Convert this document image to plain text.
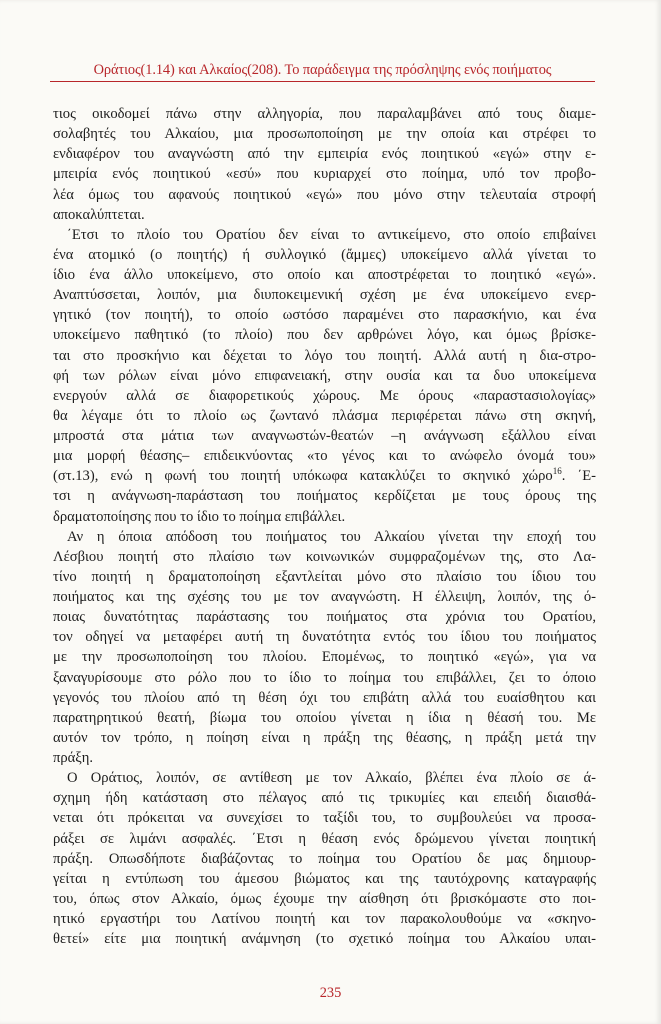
Οράτιος(1.14) και Αλκαίος(208). Το παράδειγμα της πρόσληψης ενός ποιήματος
τιος οικοδομεί πάνω στην αλληγορία, που παραλαμβάνει από τους διαμε-
σολαβητές του Αλκαίου, μια προσωποποίηση με την οποία και στρέφει το
ενδιαφέρον του αναγνώστη από την εμπειρία ενός ποιητικού «εγώ» στην ε-
μπειρία ενός ποιητικού «εσύ» που κυριαρχεί στο ποίημα, υπό τον προβο-
λέα όμως του αφανούς ποιητικού «εγώ» που μόνο στην τελευταία στροφή
αποκαλύπτεται.
΄Ετσι το πλοίο του Ορατίου δεν είναι το αντικείμενο, στο οποίο επιβαίνει
ένα ατομικό (ο ποιητής) ή συλλογικό (ἄμμες) υποκείμενο αλλά γίνεται το
ίδιο ένα άλλο υποκείμενο, στο οποίο και αποστρέφεται το ποιητικό «εγώ».
Αναπτύσσεται, λοιπόν, μια διυποκειμενική σχέση με ένα υποκείμενο ενερ-
γητικό (τον ποιητή), το οποίο ωστόσο παραμένει στο παρασκήνιο, και ένα
υποκείμενο παθητικό (το πλοίο) που δεν αρθρώνει λόγο, και όμως βρίσκε-
ται στο προσκήνιο και δέχεται το λόγο του ποιητή. Αλλά αυτή η δια-στρο-
φή των ρόλων είναι μόνο επιφανειακή, στην ουσία και τα δυο υποκείμενα
ενεργούν αλλά σε διαφορετικούς χώρους. Με όρους «παραστασιολογίας»
θα λέγαμε ότι το πλοίο ως ζωντανό πλάσμα περιφέρεται πάνω στη σκηνή,
μπροστά στα μάτια των αναγνωστών-θεατών –η ανάγνωση εξάλλου είναι
μια μορφή θέασης– επιδεικνύοντας «το γένος και το ανώφελο όνομά του»
(στ.13), ενώ η φωνή του ποιητή υπόκωφα κατακλύζει το σκηνικό χώρο$^{16}$. ΄Ε-
τσι η ανάγνωση-παράσταση του ποιήματος κερδίζεται με τους όρους της
δραματοποίησης που το ίδιο το ποίημα επιβάλλει.
Αν η όποια απόδοση του ποιήματος του Αλκαίου γίνεται την εποχή του
Λέσβιου ποιητή στο πλαίσιο των κοινωνικών συμφραζομένων της, στο Λα-
τίνο ποιητή η δραματοποίηση εξαντλείται μόνο στο πλαίσιο του ίδιου του
ποιήματος και της σχέσης του με τον αναγνώστη. Η έλλειψη, λοιπόν, της ό-
ποιας δυνατότητας παράστασης του ποιήματος στα χρόνια του Ορατίου,
τον οδηγεί να μεταφέρει αυτή τη δυνατότητα εντός του ίδιου του ποιήματος
με την προσωποποίηση του πλοίου. Επομένως, το ποιητικό «εγώ», για να
ξαναγυρίσουμε στο ρόλο που το ίδιο το ποίημα του επιβάλλει, ζει το όποιο
γεγονός του πλοίου από τη θέση όχι του επιβάτη αλλά του ευαίσθητου και
παρατηρητικού θεατή, βίωμα του οποίου γίνεται η ίδια η θέασή του. Με
αυτόν τον τρόπο, η ποίηση είναι η πράξη της θέασης, η πράξη μετά την
πράξη.
Ο Οράτιος, λοιπόν, σε αντίθεση με τον Αλκαίο, βλέπει ένα πλοίο σε ά-
σχημη ήδη κατάσταση στο πέλαγος από τις τρικυμίες και επειδή διαισθά-
νεται ότι πρόκειται να συνεχίσει το ταξίδι του, το συμβουλεύει να προσα-
ράξει σε λιμάνι ασφαλές. ΄Ετσι η θέαση ενός δρώμενου γίνεται ποιητική
πράξη. Οπωσδήποτε διαβάζοντας το ποίημα του Ορατίου δε μας δημιουρ-
γείται η εντύπωση του άμεσου βιώματος και της ταυτόχρονης καταγραφής
του, όπως στον Αλκαίο, όμως έχουμε την αίσθηση ότι βρισκόμαστε στο ποι-
ητικό εργαστήρι του Λατίνου ποιητή και τον παρακολουθούμε να «σκηνο-
θετεί» είτε μια ποιητική ανάμνηση (το σχετικό ποίημα του Αλκαίου υπαι-
235
